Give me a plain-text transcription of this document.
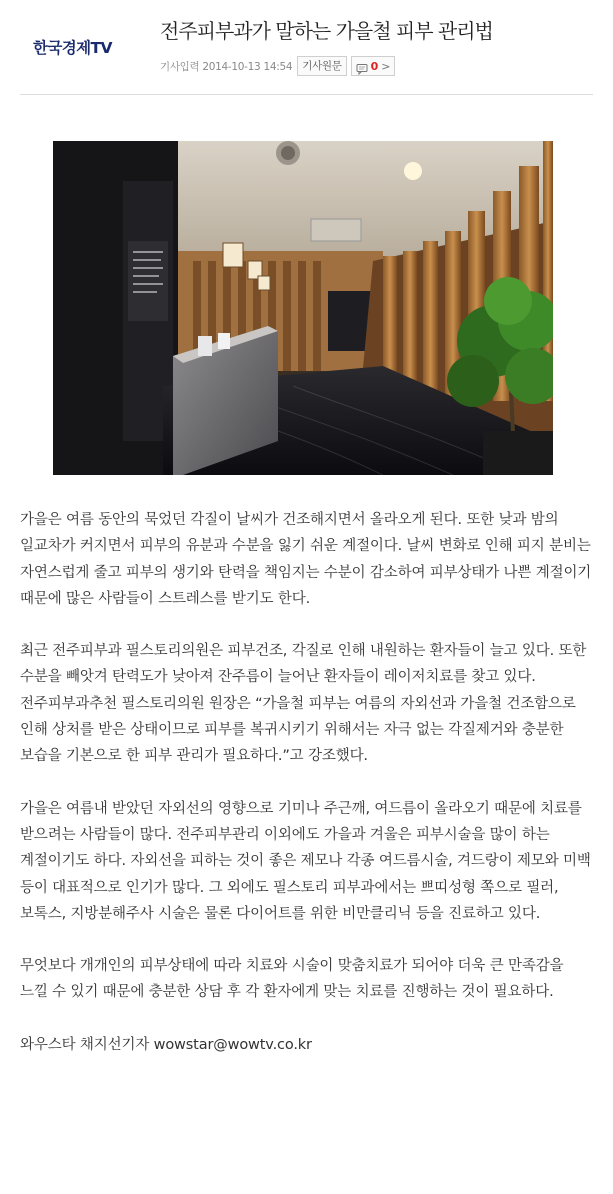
한국경제TV
전주피부과가 말하는 가을철 피부 관리법
기사입력 2014-10-13 14:54 기사원문	0 >

가을은 여름 동안의 묵었던 각질이 날씨가 건조해지면서 올라오게 된다. 또한 낮과 밤의 일교차가 커지면서 피부의 유분과 수분을 잃기 쉬운 계절이다. 날씨 변화로 인해 피지 분비는 자연스럽게 줄고 피부의 생기와 탄력을 책임지는 수분이 감소하여 피부상태가 나쁜 계절이기 때문에 많은 사람들이 스트레스를 받기도 한다.

최근 전주피부과 필스토리의원은 피부건조, 각질로 인해 내원하는 환자들이 늘고 있다. 또한 수분을 빼앗겨 탄력도가 낮아져 잔주름이 늘어난 환자들이 레이저치료를 찾고 있다. 전주피부과추천 필스토리의원 원장은 “가을철 피부는 여름의 자외선과 가을철 건조함으로 인해 상처를 받은 상태이므로 피부를 복귀시키기 위해서는 자극 없는 각질제거와 충분한 보습을 기본으로 한 피부 관리가 필요하다.”고 강조했다.

가을은 여름내 받았던 자외선의 영향으로 기미나 주근깨, 여드름이 올라오기 때문에 치료를 받으려는 사람들이 많다. 전주피부관리 이외에도 가을과 겨울은 피부시술을 많이 하는 계절이기도 하다. 자외선을 피하는 것이 좋은 제모나 각종 여드름시술, 겨드랑이 제모와 미백 등이 대표적으로 인기가 많다. 그 외에도 필스토리 피부과에서는 쁘띠성형 쪽으로 필러, 보톡스, 지방분해주사 시술은 물론 다이어트를 위한 비만클리닉 등을 진료하고 있다.

무엇보다 개개인의 피부상태에 따라 치료와 시술이 맞춤치료가 되어야 더욱 큰 만족감을 느낄 수 있기 때문에 충분한 상담 후 각 환자에게 맞는 치료를 진행하는 것이 필요하다.

와우스타 채지선기자 wowstar@wowtv.co.kr
